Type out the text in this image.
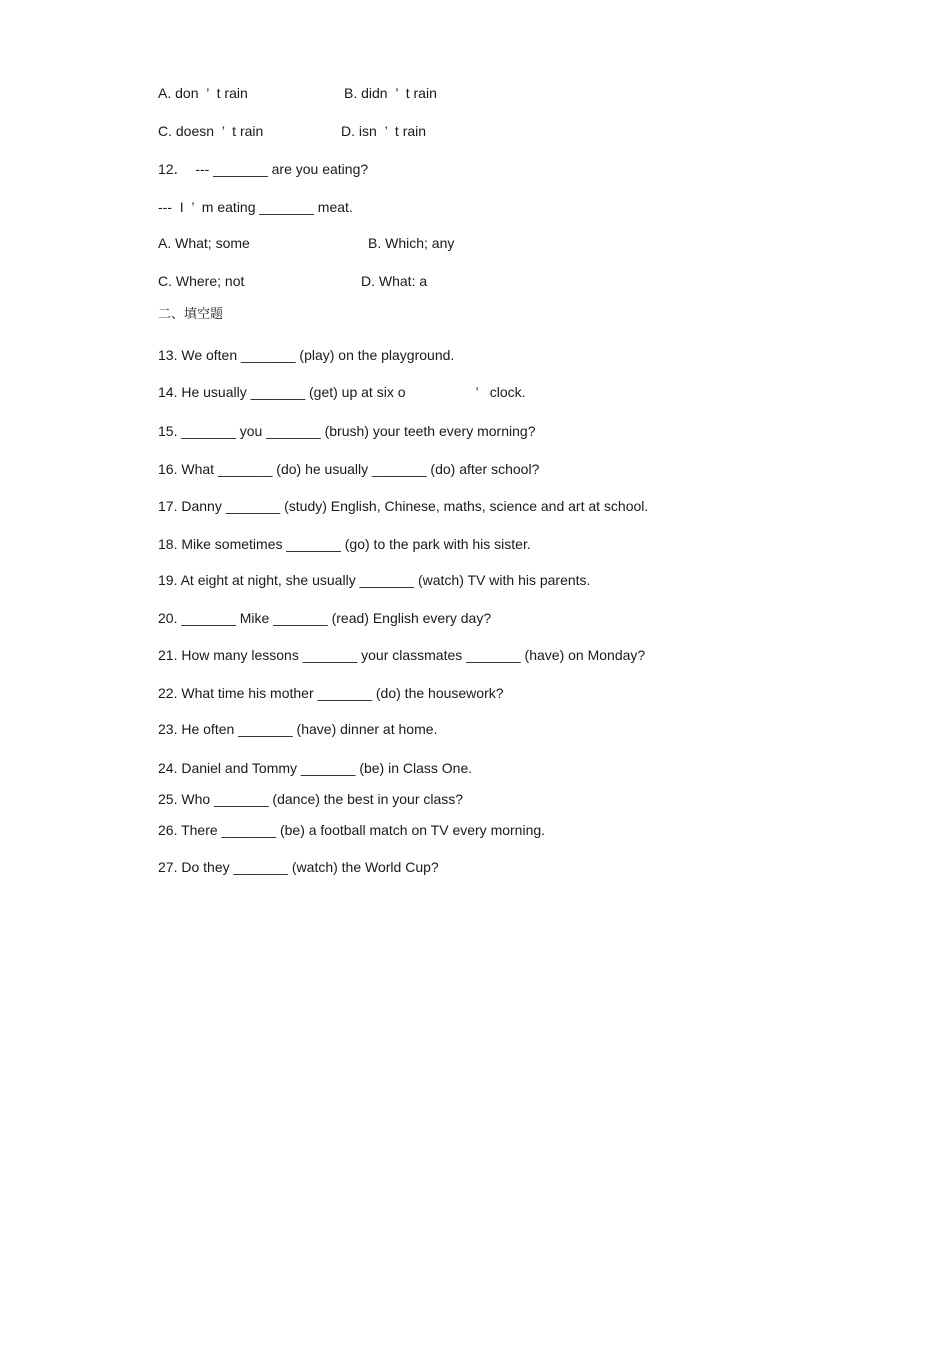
A. don  ’  t rain	B. didn  ’  t rain
C. doesn  ’  t rain	D. isn  ’  t rain
12．  --- _______ are you eating?
---  I  ’  m eating _______ meat.
A. What; some	B. Which; any
C. Where; not	D. What: a
二、填空题
13. We often _______ (play) on the playground.
14. He usually _______ (get) up at six o                  ’   clock.
15. _______ you _______ (brush) your teeth every morning?
16. What _______ (do) he usually _______ (do) after school?
17. Danny _______ (study) English, Chinese, maths, science and art at school.
18. Mike sometimes _______ (go) to the park with his sister.
19. At eight at night, she usually _______ (watch) TV with his parents.
20. _______ Mike _______ (read) English every day?
21. How many lessons _______ your classmates _______ (have) on Monday?
22. What time his mother _______ (do) the housework?
23. He often _______ (have) dinner at home.
24. Daniel and Tommy _______ (be) in Class One.
25. Who _______ (dance) the best in your class?
26. There _______ (be) a football match on TV every morning.
27. Do they _______ (watch) the World Cup?
